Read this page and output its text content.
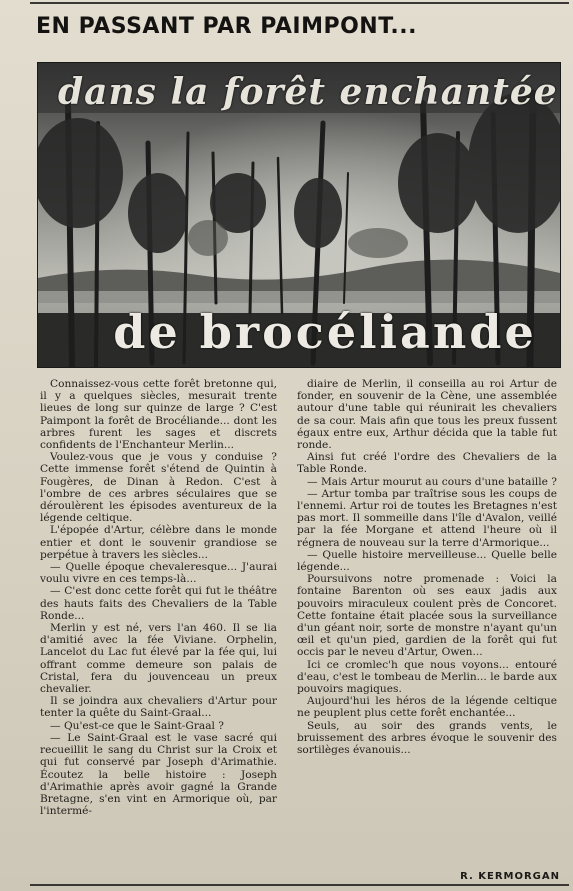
EN PASSANT PAR PAIMPONT...
dans la forêt enchantée
de brocéliande

Connaissez-vous cette forêt bretonne qui, il y a quelques siècles, mesurait trente lieues de long sur quinze de large ? C'est Paimpont la forêt de Brocéliande... dont les arbres furent les sages et discrets confidents de l'Enchanteur Merlin...

Voulez-vous que je vous y conduise ? Cette immense forêt s'étend de Quintin à Fougères, de Dinan à Redon. C'est à l'ombre de ces arbres séculaires que se déroulèrent les épisodes aventureux de la légende celtique.

L'épopée d'Artur, célèbre dans le monde entier et dont le souvenir grandiose se perpétue à travers les siècles...

— Quelle époque chevaleresque... J'aurai voulu vivre en ces temps-là...

— C'est donc cette forêt qui fut le théâtre des hauts faits des Chevaliers de la Table Ronde...

Merlin y est né, vers l'an 460. Il se lia d'amitié avec la fée Viviane. Orphelin, Lancelot du Lac fut élevé par la fée qui, lui offrant comme demeure son palais de Cristal, fera du jouvenceau un preux chevalier.

Il se joindra aux chevaliers d'Artur pour tenter la quête du Saint-Graal...

— Qu'est-ce que le Saint-Graal ?

— Le Saint-Graal est le vase sacré qui recueillit le sang du Christ sur la Croix et qui fut conservé par Joseph d'Arimathie. Écoutez la belle histoire : Joseph d'Arimathie après avoir gagné la Grande Bretagne, s'en vint en Armorique où, par l'intermé-

diaire de Merlin, il conseilla au roi Artur de fonder, en souvenir de la Cène, une assemblée autour d'une table qui réunirait les chevaliers de sa cour. Mais afin que tous les preux fussent égaux entre eux, Arthur décida que la table fut ronde.

Ainsi fut créé l'ordre des Chevaliers de la Table Ronde.

— Mais Artur mourut au cours d'une bataille ?

— Artur tomba par traîtrise sous les coups de l'ennemi. Artur roi de toutes les Bretagnes n'est pas mort. Il sommeille dans l'île d'Avalon, veillé par la fée Morgane et attend l'heure où il régnera de nouveau sur la terre d'Armorique...

— Quelle histoire merveilleuse... Quelle belle légende...

Poursuivons notre promenade : Voici la fontaine Barenton où ses eaux jadis aux pouvoirs miraculeux coulent près de Concoret. Cette fontaine était placée sous la surveillance d'un géant noir, sorte de monstre n'ayant qu'un œil et qu'un pied, gardien de la forêt qui fut occis par le neveu d'Artur, Owen...

Ici ce cromlec'h que nous voyons... entouré d'eau, c'est le tombeau de Merlin... le barde aux pouvoirs magiques.

Aujourd'hui les héros de la légende celtique ne peuplent plus cette forêt enchantée...

Seuls, au soir des grands vents, le bruissement des arbres évoque le souvenir des sortilèges évanouis...

R. KERMORGAN
